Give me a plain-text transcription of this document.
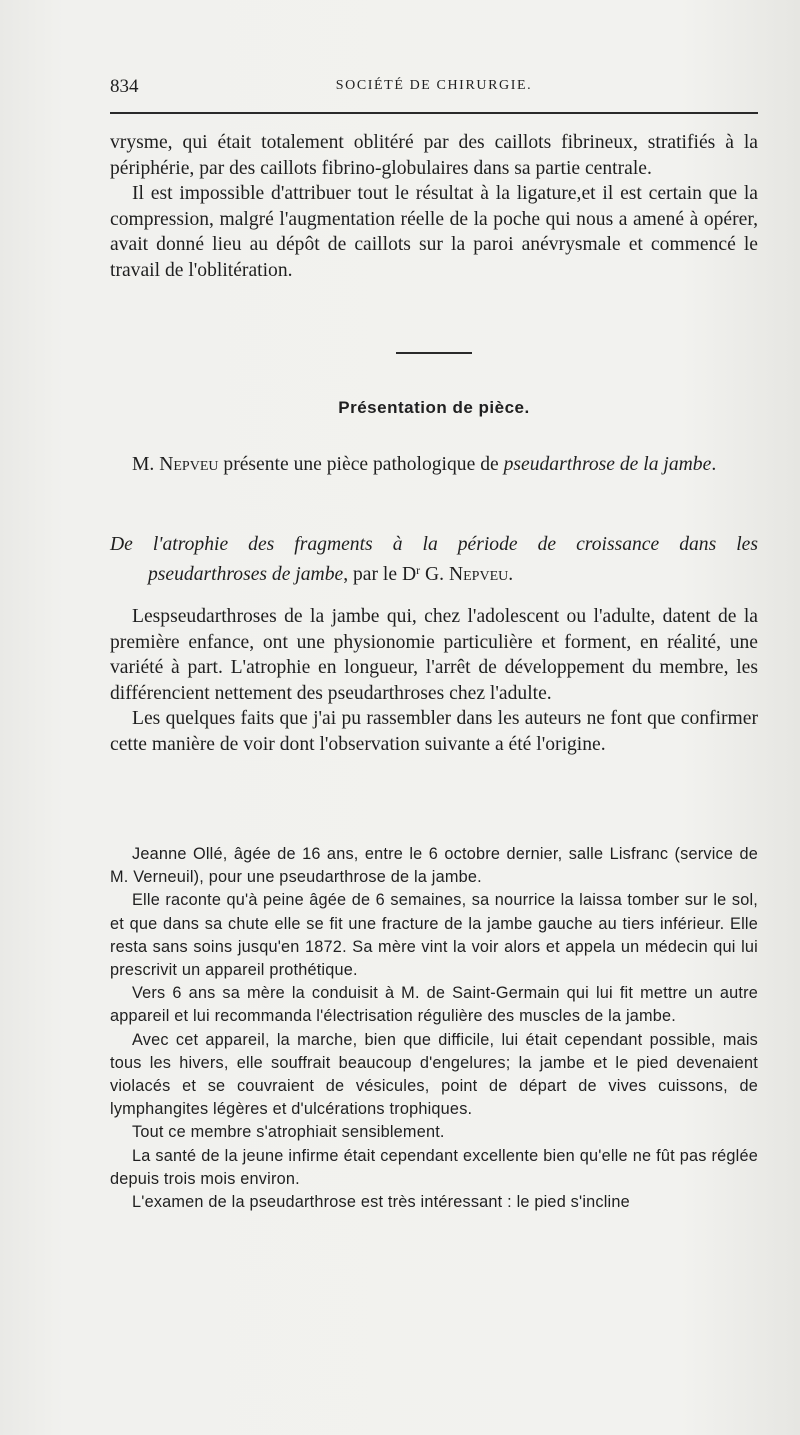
834	SOCIÉTÉ DE CHIRURGIE.

vrysme, qui était totalement oblitéré par des caillots fibrineux, stratifiés à la périphérie, par des caillots fibrino-globulaires dans sa partie centrale.

Il est impossible d'attribuer tout le résultat à la ligature,et il est certain que la compression, malgré l'augmentation réelle de la poche qui nous a amené à opérer, avait donné lieu au dépôt de caillots sur la paroi anévrysmale et commencé le travail de l'oblitération.

Présentation de pièce.

M. Nepveu présente une pièce pathologique de pseudarthrose de la jambe.

De l'atrophie des fragments à la période de croissance dans les
pseudarthroses de jambe, par le $D^r$ G. Nepveu.

Lespseudarthroses de la jambe qui, chez l'adolescent ou l'adulte, datent de la première enfance, ont une physionomie particulière et forment, en réalité, une variété à part. L'atrophie en longueur, l'arrêt de développement du membre, les différencient nettement des pseudarthroses chez l'adulte.

Les quelques faits que j'ai pu rassembler dans les auteurs ne font que confirmer cette manière de voir dont l'observation suivante a été l'origine.

Jeanne Ollé, âgée de 16 ans, entre le 6 octobre dernier, salle Lisfranc (service de M. Verneuil), pour une pseudarthrose de la jambe.

Elle raconte qu'à peine âgée de 6 semaines, sa nourrice la laissa tomber sur le sol, et que dans sa chute elle se fit une fracture de la jambe gauche au tiers inférieur. Elle resta sans soins jusqu'en 1872. Sa mère vint la voir alors et appela un médecin qui lui prescrivit un appareil prothétique.

Vers 6 ans sa mère la conduisit à M. de Saint-Germain qui lui fit mettre un autre appareil et lui recommanda l'électrisation régulière des muscles de la jambe.

Avec cet appareil, la marche, bien que difficile, lui était cependant possible, mais tous les hivers, elle souffrait beaucoup d'engelures; la jambe et le pied devenaient violacés et se couvraient de vésicules, point de départ de vives cuissons, de lymphangites légères et d'ulcérations trophiques.

Tout ce membre s'atrophiait sensiblement.

La santé de la jeune infirme était cependant excellente bien qu'elle ne fût pas réglée depuis trois mois environ.

L'examen de la pseudarthrose est très intéressant : le pied s'incline
